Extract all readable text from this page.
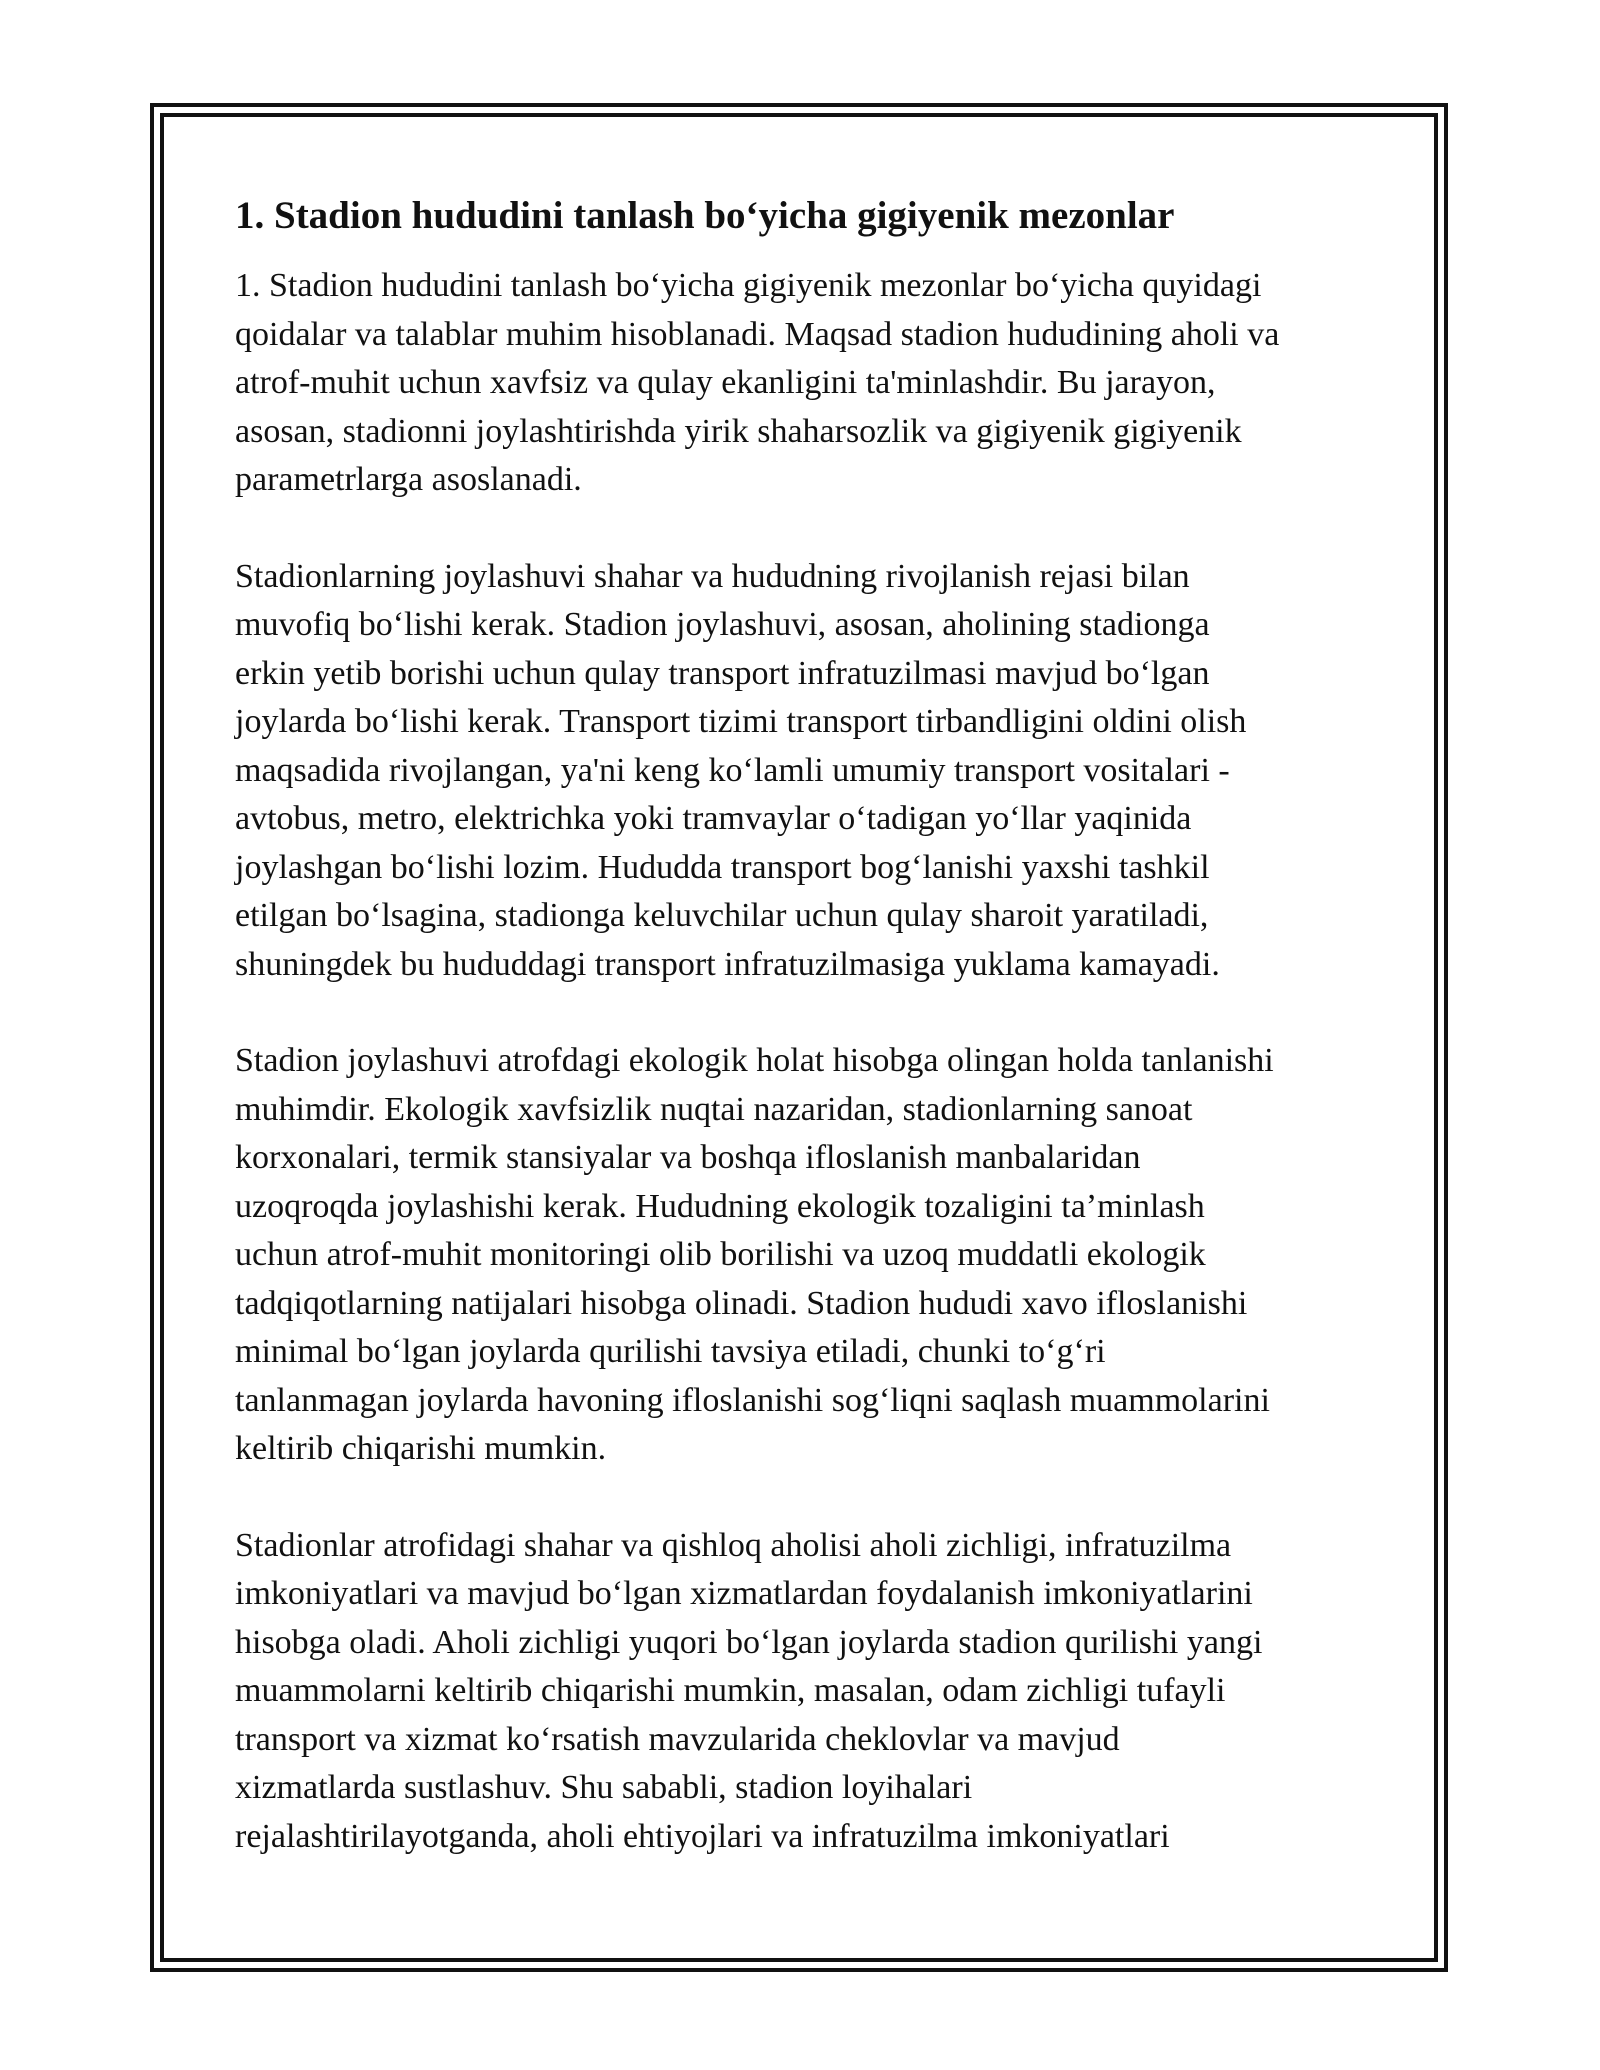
1. Stadion hududini tanlash bo‘yicha gigiyenik mezonlar

1. Stadion hududini tanlash bo‘yicha gigiyenik mezonlar bo‘yicha quyidagi
qoidalar va talablar muhim hisoblanadi. Maqsad stadion hududining aholi va
atrof-muhit uchun xavfsiz va qulay ekanligini ta'minlashdir. Bu jarayon,
asosan, stadionni joylashtirishda yirik shaharsozlik va gigiyenik gigiyenik
parametrlarga asoslanadi.

Stadionlarning joylashuvi shahar va hududning rivojlanish rejasi bilan
muvofiq bo‘lishi kerak. Stadion joylashuvi, asosan, aholining stadionga
erkin yetib borishi uchun qulay transport infratuzilmasi mavjud bo‘lgan
joylarda bo‘lishi kerak. Transport tizimi transport tirbandligini oldini olish
maqsadida rivojlangan, ya'ni keng ko‘lamli umumiy transport vositalari -
avtobus, metro, elektrichka yoki tramvaylar o‘tadigan yo‘llar yaqinida
joylashgan bo‘lishi lozim. Hududda transport bog‘lanishi yaxshi tashkil
etilgan bo‘lsagina, stadionga keluvchilar uchun qulay sharoit yaratiladi,
shuningdek bu hududdagi transport infratuzilmasiga yuklama kamayadi.

Stadion joylashuvi atrofdagi ekologik holat hisobga olingan holda tanlanishi
muhimdir. Ekologik xavfsizlik nuqtai nazaridan, stadionlarning sanoat
korxonalari, termik stansiyalar va boshqa ifloslanish manbalaridan
uzoqroqda joylashishi kerak. Hududning ekologik tozaligini ta’minlash
uchun atrof-muhit monitoringi olib borilishi va uzoq muddatli ekologik
tadqiqotlarning natijalari hisobga olinadi. Stadion hududi xavo ifloslanishi
minimal bo‘lgan joylarda qurilishi tavsiya etiladi, chunki to‘g‘ri
tanlanmagan joylarda havoning ifloslanishi sog‘liqni saqlash muammolarini
keltirib chiqarishi mumkin.

Stadionlar atrofidagi shahar va qishloq aholisi aholi zichligi, infratuzilma
imkoniyatlari va mavjud bo‘lgan xizmatlardan foydalanish imkoniyatlarini
hisobga oladi. Aholi zichligi yuqori bo‘lgan joylarda stadion qurilishi yangi
muammolarni keltirib chiqarishi mumkin, masalan, odam zichligi tufayli
transport va xizmat ko‘rsatish mavzularida cheklovlar va mavjud
xizmatlarda sustlashuv. Shu sababli, stadion loyihalari
rejalashtirilayotganda, aholi ehtiyojlari va infratuzilma imkoniyatlari
